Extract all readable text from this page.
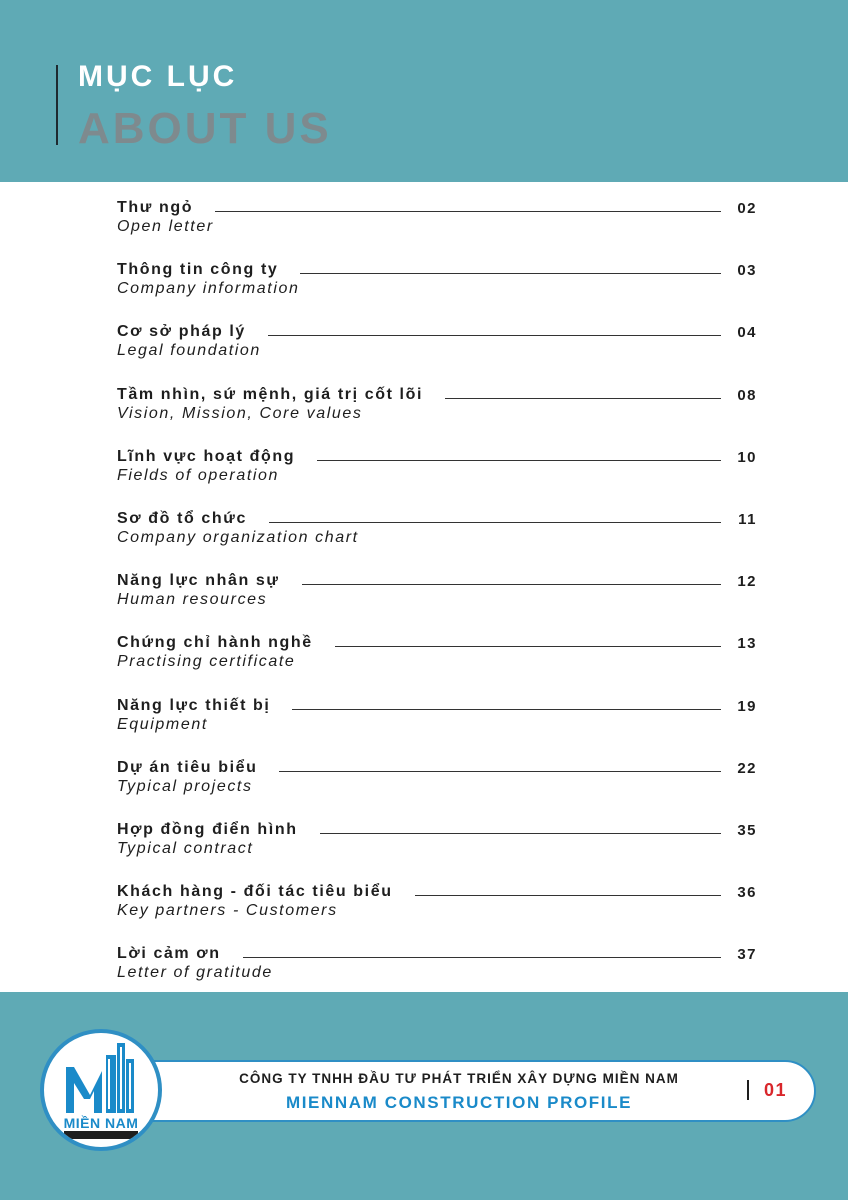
MỤC LỤC
ABOUT US
Thư ngỏ	02
Open letter
Thông tin công ty	03
Company information
Cơ sở pháp lý	04
Legal foundation
Tầm nhìn, sứ mệnh, giá trị cốt lõi	08
Vision, Mission, Core values
Lĩnh vực hoạt động	10
Fields of operation
Sơ đồ tổ chức	11
Company organization chart
Năng lực nhân sự	12
Human resources
Chứng chỉ hành nghề	13
Practising certificate
Năng lực thiết bị	19
Equipment
Dự án tiêu biểu	22
Typical projects
Hợp đồng điển hình	35
Typical contract
Khách hàng - đối tác tiêu biểu	36
Key partners - Customers
Lời cảm ơn	37
Letter of gratitude
CÔNG TY TNHH ĐẦU TƯ PHÁT TRIỂN XÂY DỰNG MIỀN NAM
MIENNAM CONSTRUCTION PROFILE
01
MIỀN NAM
